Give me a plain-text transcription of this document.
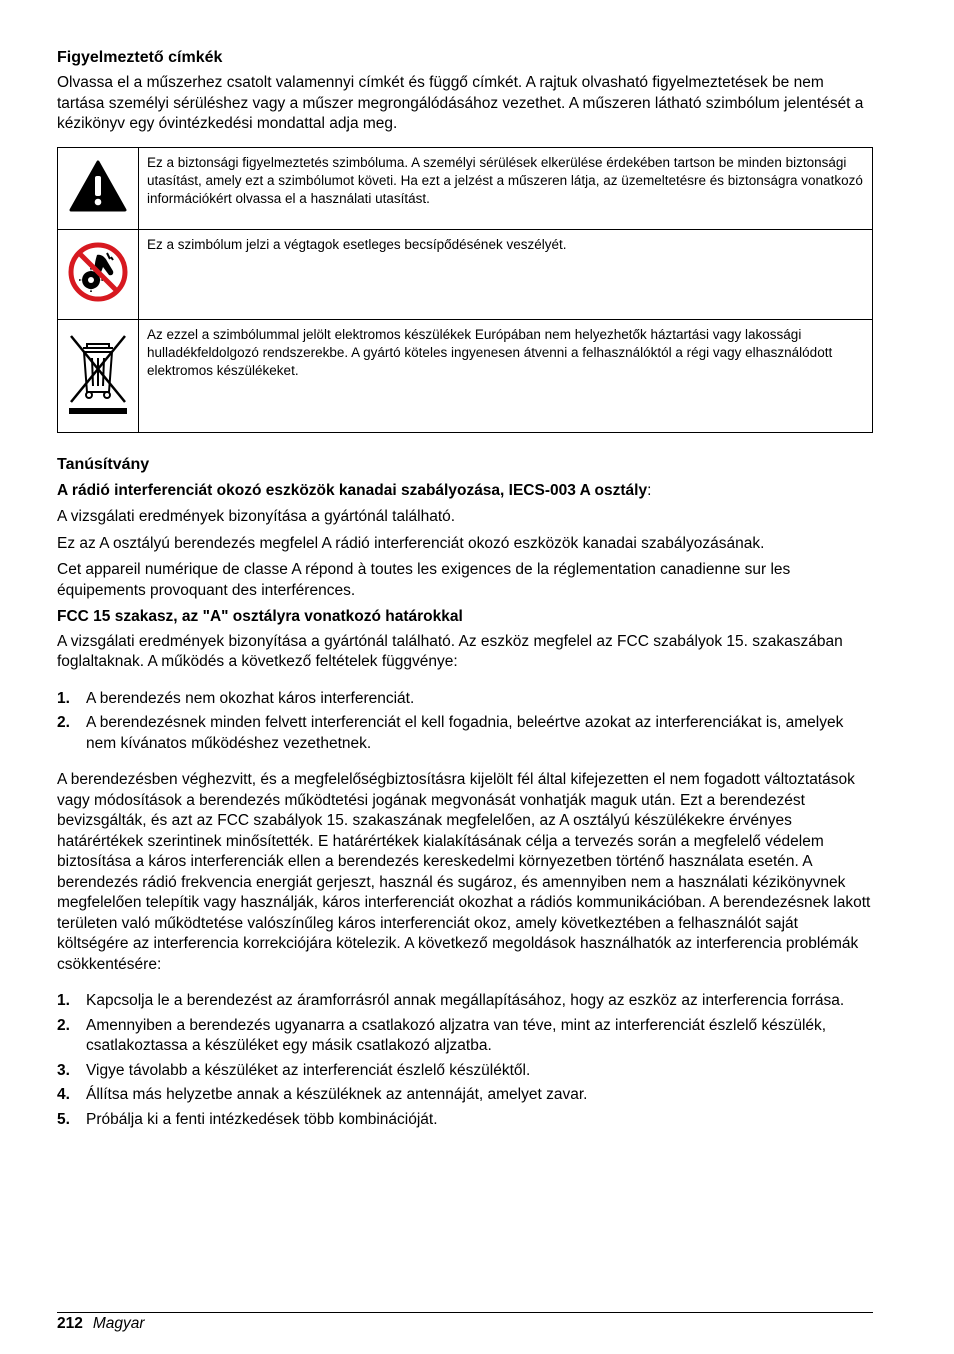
Figyelmeztető címkék

Olvassa el a műszerhez csatolt valamennyi címkét és függő címkét. A rajtuk olvasható figyelmeztetések be nem tartása személyi sérüléshez vagy a műszer megrongálódásához vezethet. A műszeren látható szimbólum jelentését a kézikönyv egy óvintézkedési mondattal adja meg.

	Ez a biztonsági figyelmeztetés szimbóluma. A személyi sérülések elkerülése érdekében tartson be minden biztonsági utasítást, amely ezt a szimbólumot követi. Ha ezt a jelzést a műszeren látja, az üzemeltetésre és biztonságra vonatkozó információkért olvassa el a használati utasítást.
	Ez a szimbólum jelzi a végtagok esetleges becsípődésének veszélyét.
	Az ezzel a szimbólummal jelölt elektromos készülékek Európában nem helyezhetők háztartási vagy lakossági hulladékfeldolgozó rendszerekbe. A gyártó köteles ingyenesen átvenni a felhasználóktól a régi vagy elhasználódott elektromos készülékeket.
Tanúsítvány

A rádió interferenciát okozó eszközök kanadai szabályozása, IECS-003 A osztály:

A vizsgálati eredmények bizonyítása a gyártónál található.

Ez az A osztályú berendezés megfelel A rádió interferenciát okozó eszközök kanadai szabályozásának.

Cet appareil numérique de classe A répond à toutes les exigences de la réglementation canadienne sur les équipements provoquant des interférences.

FCC 15 szakasz, az "A" osztályra vonatkozó határokkal

A vizsgálati eredmények bizonyítása a gyártónál található. Az eszköz megfelel az FCC szabályok 15. szakaszában foglaltaknak. A működés a következő feltételek függvénye:

1. A berendezés nem okozhat káros interferenciát.
2. A berendezésnek minden felvett interferenciát el kell fogadnia, beleértve azokat az interferenciákat is, amelyek nem kívánatos működéshez vezethetnek.

A berendezésben véghezvitt, és a megfelelőségbiztosításra kijelölt fél által kifejezetten el nem fogadott változtatások vagy módosítások a berendezés működtetési jogának megvonását vonhatják maguk után. Ezt a berendezést bevizsgálták, és azt az FCC szabályok 15. szakaszának megfelelően, az A osztályú készülékekre érvényes határértékek szerintinek minősítették. E határértékek kialakításának célja a tervezés során a megfelelő védelem biztosítása a káros interferenciák ellen a berendezés kereskedelmi környezetben történő használata esetén. A berendezés rádió frekvencia energiát gerjeszt, használ és sugároz, és amennyiben nem a használati kézikönyvnek megfelelően telepítik vagy használják, káros interferenciát okozhat a rádiós kommunikációban. A berendezésnek lakott területen való működtetése valószínűleg káros interferenciát okoz, amely következtében a felhasználót saját költségére az interferencia korrekciójára kötelezik. A következő megoldások használhatók az interferencia problémák csökkentésére:

1. Kapcsolja le a berendezést az áramforrásról annak megállapításához, hogy az eszköz az interferencia forrása.
2. Amennyiben a berendezés ugyanarra a csatlakozó aljzatra van téve, mint az interferenciát észlelő készülék, csatlakoztassa a készüléket egy másik csatlakozó aljzatba.
3. Vigye távolabb a készüléket az interferenciát észlelő készüléktől.
4. Állítsa más helyzetbe annak a készüléknek az antennáját, amelyet zavar.
5. Próbálja ki a fenti intézkedések több kombinációját.
212 Magyar
